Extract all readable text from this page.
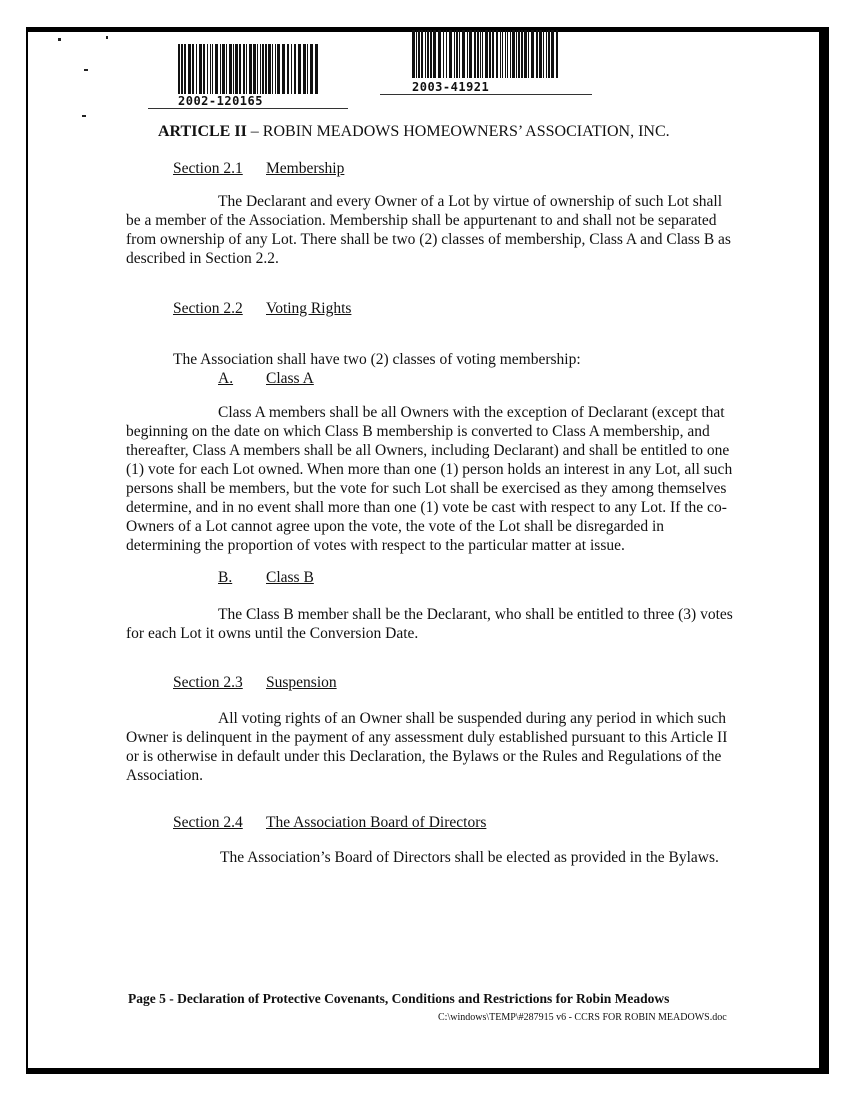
2002-120165
2003-41921
ARTICLE II – ROBIN MEADOWS HOMEOWNERS’ ASSOCIATION, INC.
Section 2.1 Membership

The Declarant and every Owner of a Lot by virtue of ownership of such Lot shall be a member of the Association. Membership shall be appurtenant to and shall not be separated from ownership of any Lot. There shall be two (2) classes of membership, Class A and Class B as described in Section 2.2.

Section 2.2 Voting Rights
The Association shall have two (2) classes of voting membership:
A. Class A

Class A members shall be all Owners with the exception of Declarant (except that beginning on the date on which Class B membership is converted to Class A membership, and thereafter, Class A members shall be all Owners, including Declarant) and shall be entitled to one (1) vote for each Lot owned. When more than one (1) person holds an interest in any Lot, all such persons shall be members, but the vote for such Lot shall be exercised as they among themselves determine, and in no event shall more than one (1) vote be cast with respect to any Lot. If the co-Owners of a Lot cannot agree upon the vote, the vote of the Lot shall be disregarded in determining the proportion of votes with respect to the particular matter at issue.

B. Class B

The Class B member shall be the Declarant, who shall be entitled to three (3) votes for each Lot it owns until the Conversion Date.

Section 2.3 Suspension

All voting rights of an Owner shall be suspended during any period in which such Owner is delinquent in the payment of any assessment duly established pursuant to this Article II or is otherwise in default under this Declaration, the Bylaws or the Rules and Regulations of the Association.

Section 2.4 The Association Board of Directors
The Association’s Board of Directors shall be elected as provided in the Bylaws.
Page 5 - Declaration of Protective Covenants, Conditions and Restrictions for Robin Meadows
C:\windows\TEMP\#287915 v6 - CCRS FOR ROBIN MEADOWS.doc
